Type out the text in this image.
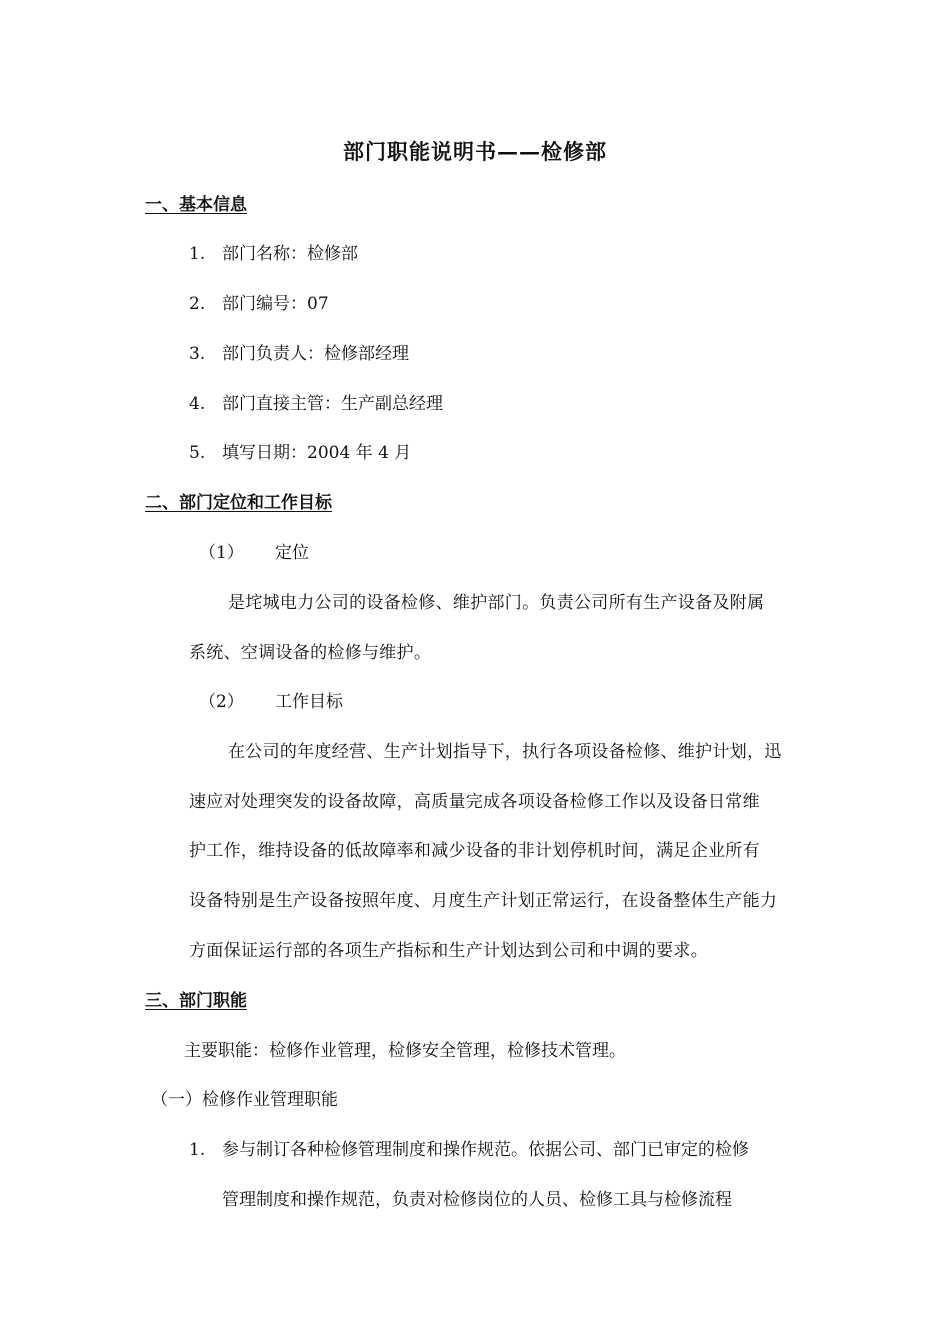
部门职能说明书——检修部
一、基本信息
1. 部门名称：检修部
2. 部门编号：07
3. 部门负责人：检修部经理
4. 部门直接主管：生产副总经理
5. 填写日期：2004 年 4 月
二、部门定位和工作目标
（1） 定位
是垞城电力公司的设备检修、维护部门。负责公司所有生产设备及附属
系统、空调设备的检修与维护。
（2） 工作目标
在公司的年度经营、生产计划指导下，执行各项设备检修、维护计划，迅
速应对处理突发的设备故障，高质量完成各项设备检修工作以及设备日常维
护工作，维持设备的低故障率和减少设备的非计划停机时间，满足企业所有
设备特别是生产设备按照年度、月度生产计划正常运行，在设备整体生产能力
方面保证运行部的各项生产指标和生产计划达到公司和中调的要求。
三、部门职能
主要职能：检修作业管理，检修安全管理，检修技术管理。
（一）检修作业管理职能
1. 参与制订各种检修管理制度和操作规范。依据公司、部门已审定的检修
管理制度和操作规范，负责对检修岗位的人员、检修工具与检修流程
